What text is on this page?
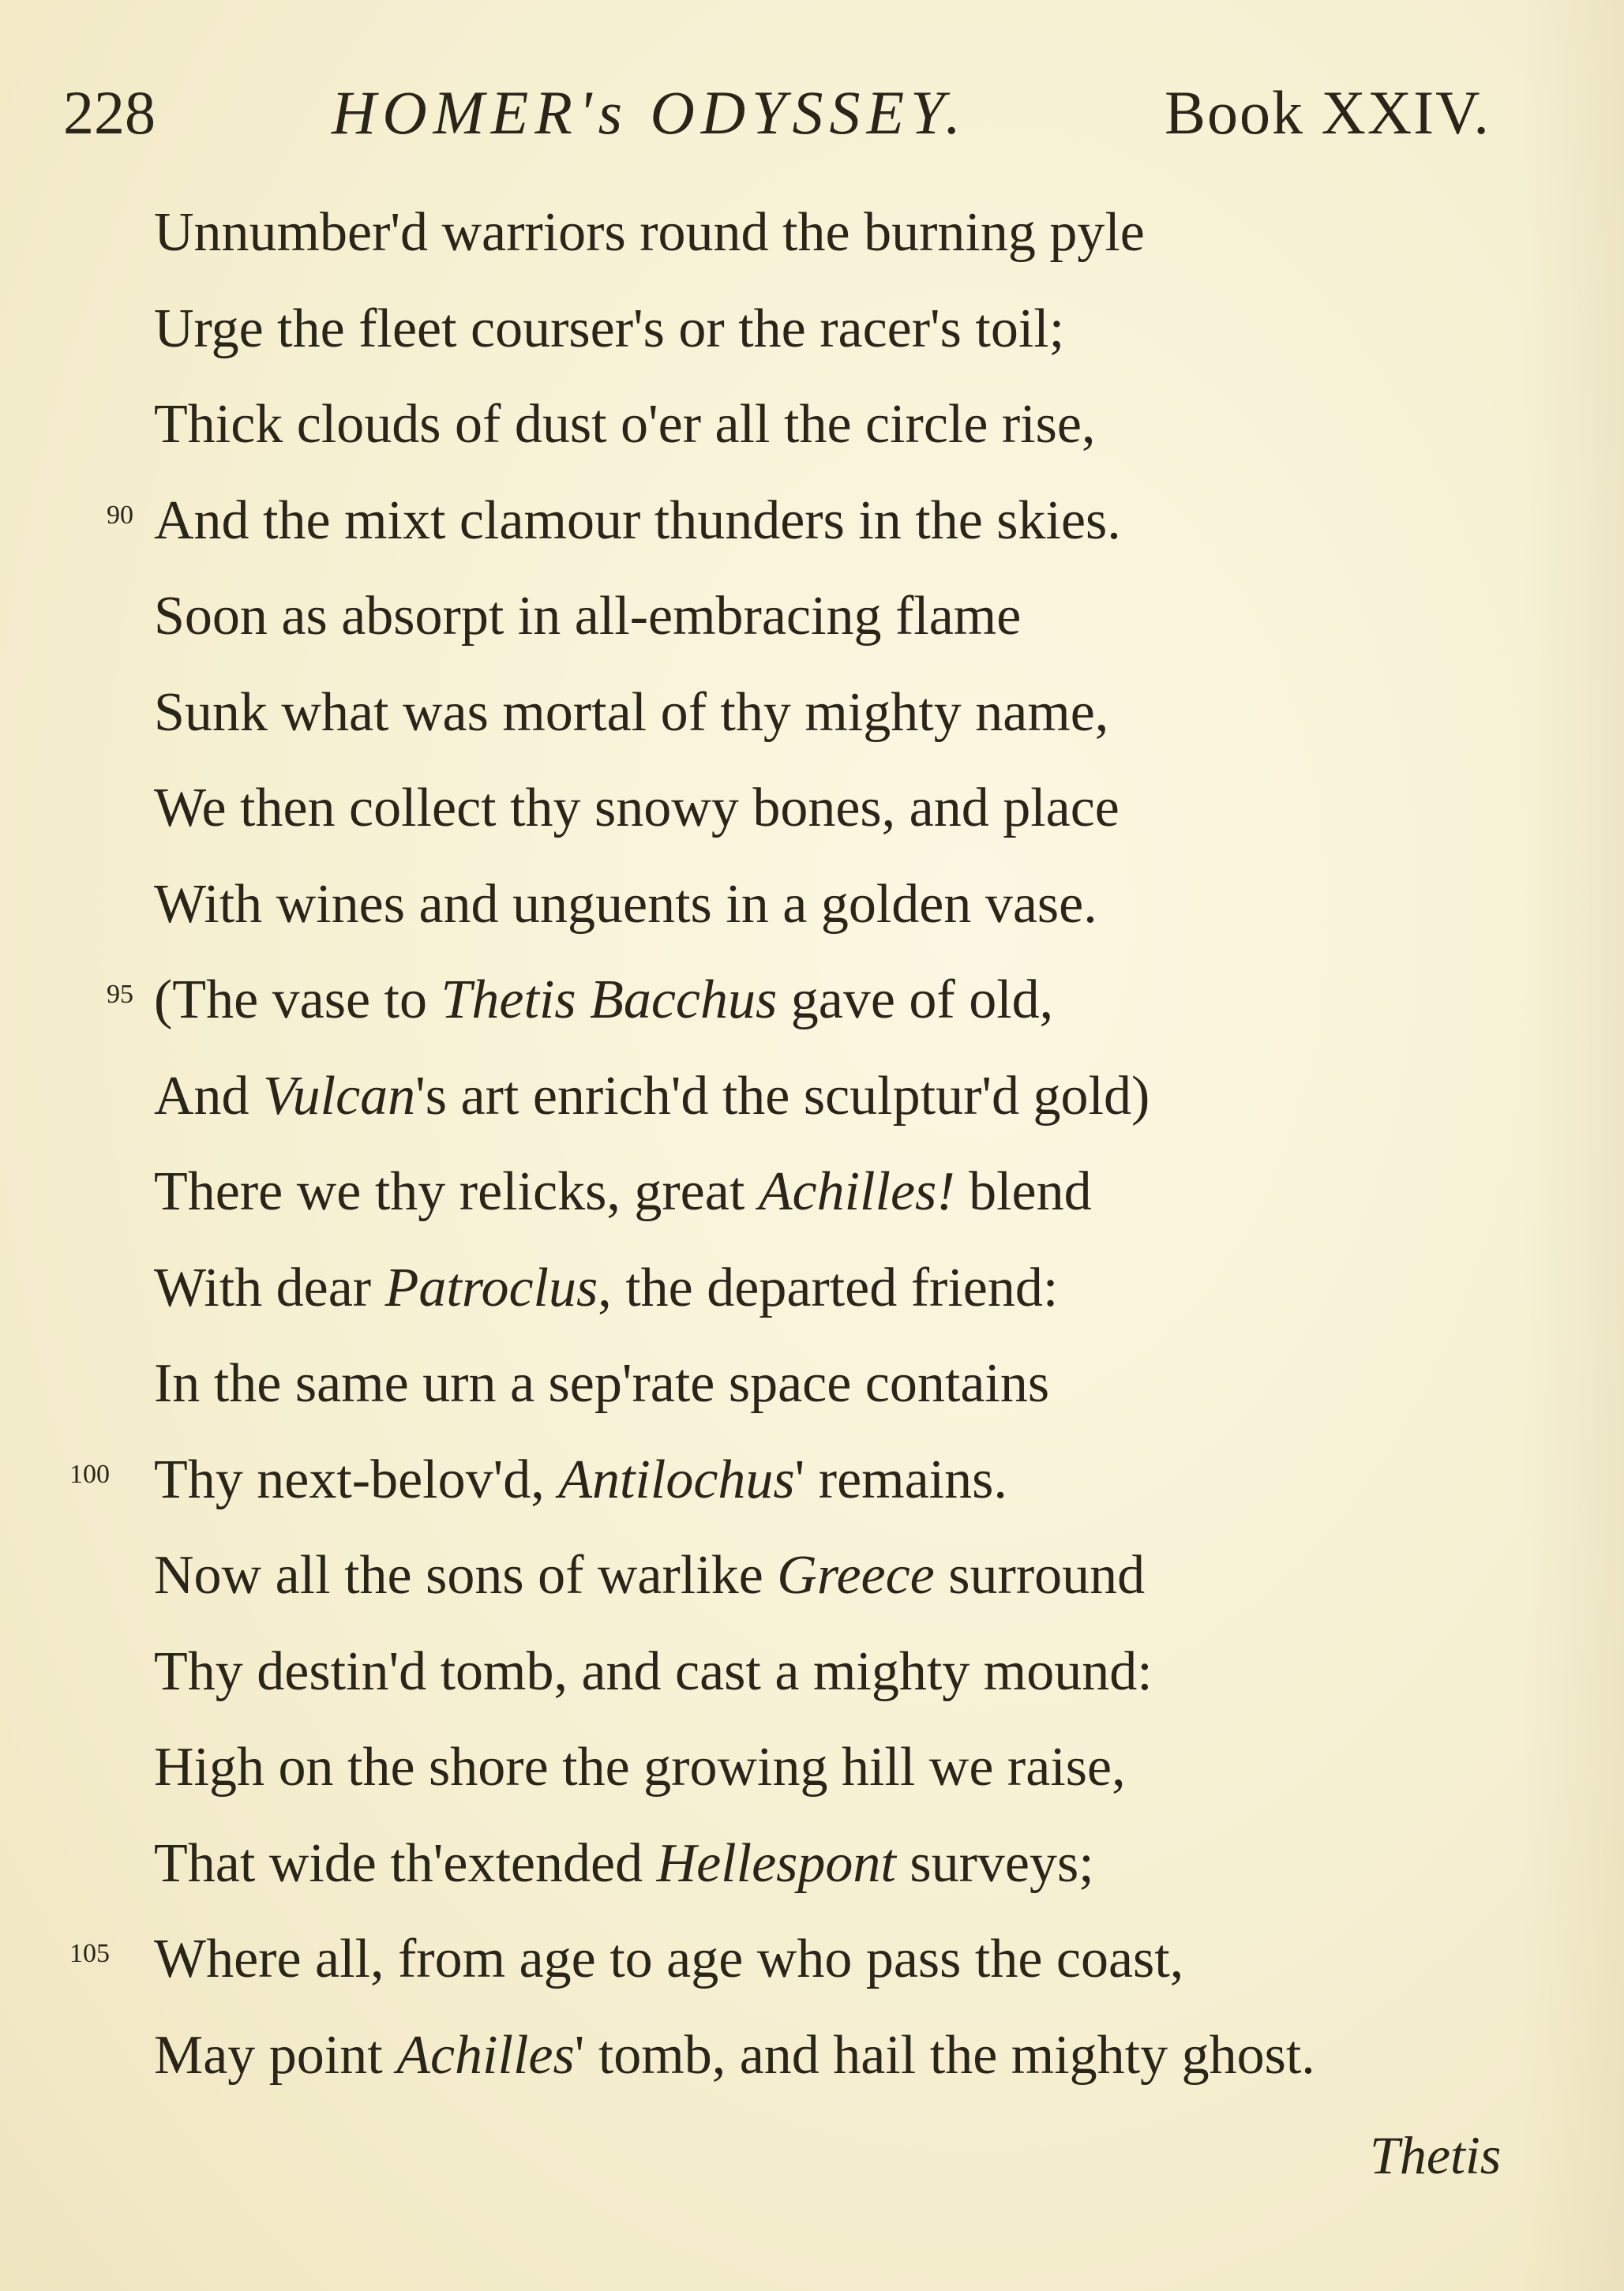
228	HOMER's ODYSSEY.	Book XXIV.
Unnumber'd warriors round the burning pyle
Urge the fleet courser's or the racer's toil;
Thick clouds of dust o'er all the circle rise,
And the mixt clamour thunders in the skies.
90
Soon as absorpt in all-embracing flame
Sunk what was mortal of thy mighty name,
We then collect thy snowy bones, and place
With wines and unguents in a golden vase.
(The vase to Thetis Bacchus gave of old,
95
And Vulcan's art enrich'd the sculptur'd gold)
There we thy relicks, great Achilles! blend
With dear Patroclus, the departed friend:
In the same urn a sep'rate space contains
Thy next-belov'd, Antilochus' remains.
100
Now all the sons of warlike Greece surround
Thy destin'd tomb, and cast a mighty mound:
High on the shore the growing hill we raise,
That wide th'extended Hellespont surveys;
Where all, from age to age who pass the coast,
105
May point Achilles' tomb, and hail the mighty ghost.
Thetis
